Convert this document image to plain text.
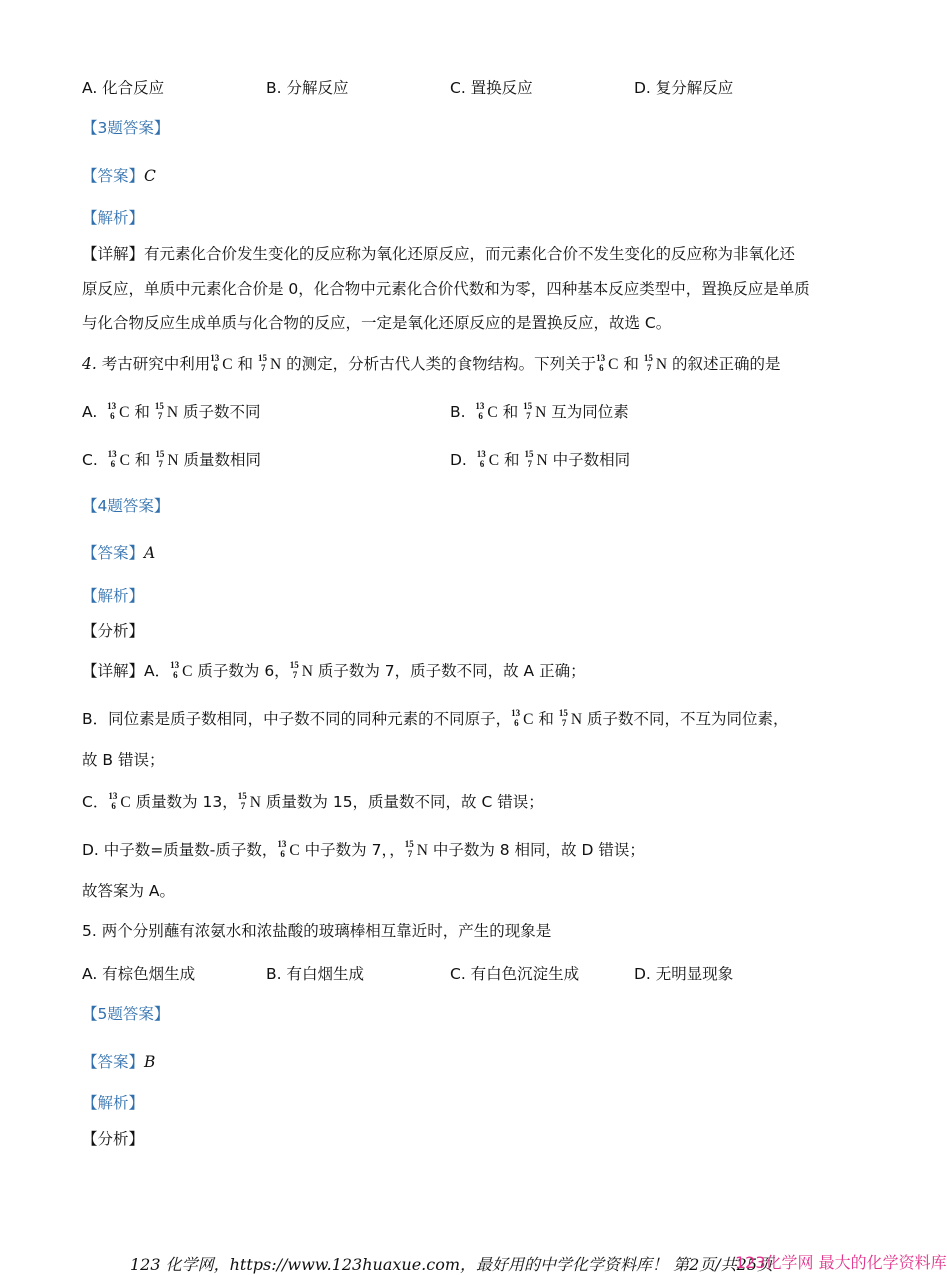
A. 化合反应	B. 分解反应	C. 置换反应	D. 复分解反应
【3题答案】
【答案】C
【解析】
【详解】有元素化合价发生变化的反应称为氧化还原反应，而元素化合价不发生变化的反应称为非氧化还
原反应，单质中元素化合价是 0，化合物中元素化合价代数和为零，四种基本反应类型中，置换反应是单质
与化合物反应生成单质与化合物的反应，一定是氧化还原反应的是置换反应，故选 C。
4. 考古研究中利用 13
6 C 和 15
7 N 的测定，分析古代人类的食物结构。下列关于 13
6 C 和 15
7 N 的叙述正确的是
A. 13
6 C 和 15
7 N 质子数不同	B. 13
6 C 和 15
7 N 互为同位素
C. 13
6 C 和 15
7 N 质量数相同	D. 13
6 C 和 15
7 N 中子数相同
【4题答案】
【答案】A
【解析】
【分析】
【详解】A． 13
6 C 质子数为 6， 15
7 N 质子数为 7，质子数不同，故 A 正确；
B．同位素是质子数相同，中子数不同的同种元素的不同原子， 13
6 C 和 15
7 N 质子数不同，不互为同位素，
故 B 错误；
C． 13
6 C 质量数为 13， 15
7 N 质量数为 15，质量数不同，故 C 错误；
D. 中子数=质量数-质子数， 13
6 C 中子数为 7，， 15
7 N 中子数为 8 相同，故 D 错误；
故答案为 A。
5. 两个分别蘸有浓氨水和浓盐酸的玻璃棒相互靠近时，产生的现象是
A. 有棕色烟生成	B. 有白烟生成	C. 有白色沉淀生成	D. 无明显现象
【5题答案】
【答案】B
【解析】
【分析】
123 化学网，https://www.123huaxue.com，最好用的中学化学资料库！ 第2页/共25页
123化学网 最大的化学资料库
